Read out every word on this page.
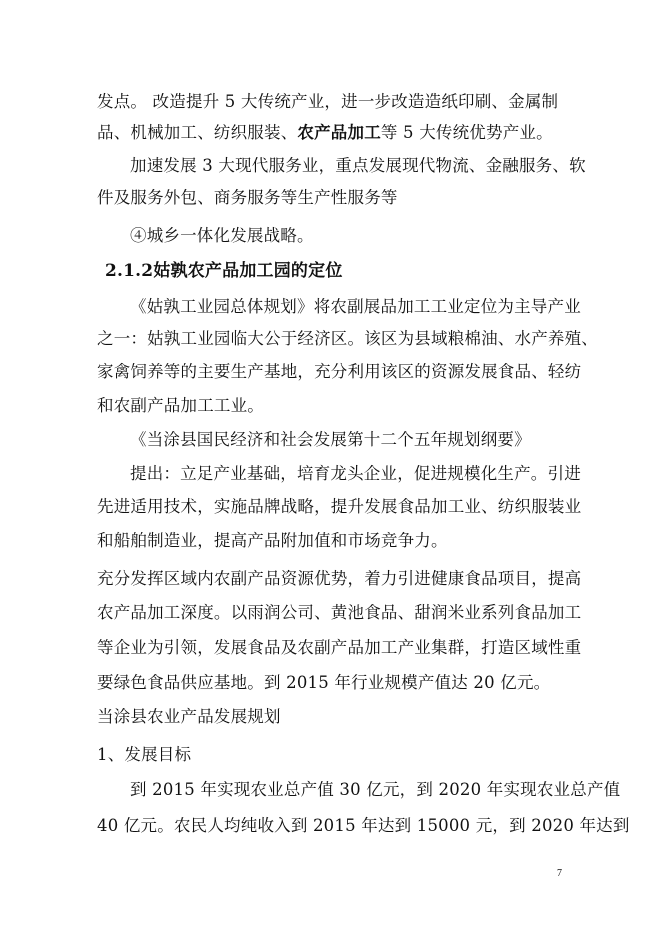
发点。 改造提升 5 大传统产业，进一步改造造纸印刷、金属制
品、机械加工、纺织服装、农产品加工等 5 大传统优势产业。
加速发展 3 大现代服务业，重点发展现代物流、金融服务、软
件及服务外包、商务服务等生产性服务等
④城乡一体化发展战略。
2.1.2姑孰农产品加工园的定位
《姑孰工业园总体规划》将农副展品加工工业定位为主导产业
之一：姑孰工业园临大公于经济区。该区为县域粮棉油、水产养殖、
家禽饲养等的主要生产基地，充分利用该区的资源发展食品、轻纺
和农副产品加工工业。
《当涂县国民经济和社会发展第十二个五年规划纲要》
提出：立足产业基础，培育龙头企业，促进规模化生产。引进
先进适用技术，实施品牌战略，提升发展食品加工业、纺织服装业
和船舶制造业，提高产品附加值和市场竞争力。
充分发挥区域内农副产品资源优势，着力引进健康食品项目，提高
农产品加工深度。以雨润公司、黄池食品、甜润米业系列食品加工
等企业为引领，发展食品及农副产品加工产业集群，打造区域性重
要绿色食品供应基地。到 2015 年行业规模产值达 20 亿元。
当涂县农业产品发展规划
1、发展目标
到 2015 年实现农业总产值 30 亿元，到 2020 年实现农业总产值
40 亿元。农民人均纯收入到 2015 年达到 15000 元，到 2020 年达到
7
